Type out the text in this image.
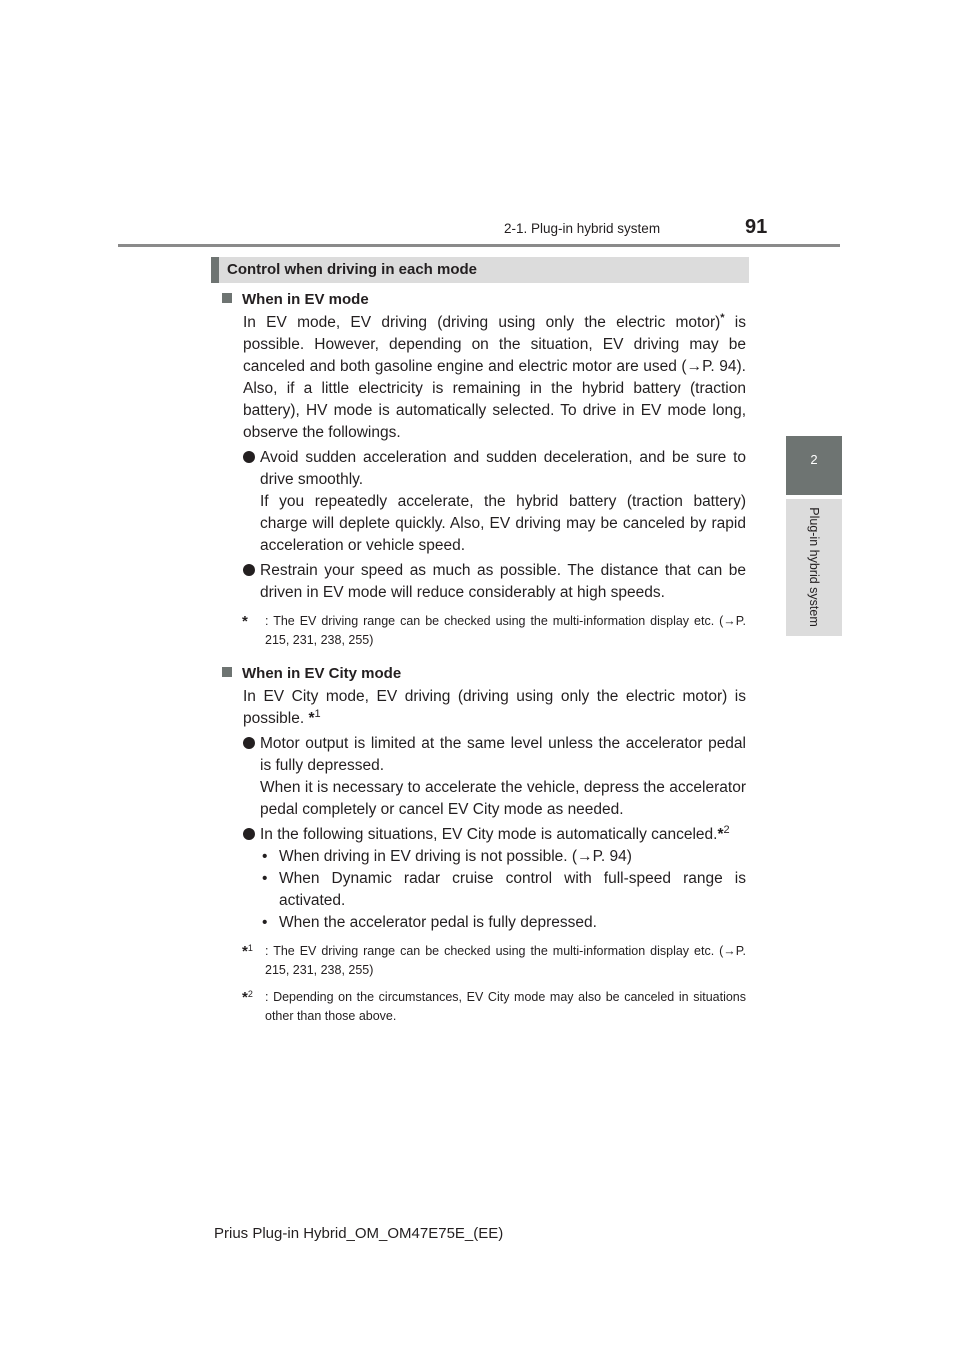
2-1. Plug-in hybrid system	91
2
Plug-in hybrid system
Control when driving in each mode

When in EV mode

In EV mode, EV driving (driving using only the electric motor)* is possible. However, depending on the situation, EV driving may be canceled and both gasoline engine and electric motor are used (→P. 94). Also, if a little electricity is remaining in the hybrid battery (traction battery), HV mode is automatically selected. To drive in EV mode long, observe the followings.

Avoid sudden acceleration and sudden deceleration, and be sure to drive smoothly.
If you repeatedly accelerate, the hybrid battery (traction battery) charge will deplete quickly. Also, EV driving may be canceled by rapid acceleration or vehicle speed.
Restrain your speed as much as possible. The distance that can be driven in EV mode will reduce considerably at high speeds.
* : The EV driving range can be checked using the multi-information display etc. (→P. 215, 231, 238, 255)

When in EV City mode

In EV City mode, EV driving (driving using only the electric motor) is possible. *$^1$

Motor output is limited at the same level unless the accelerator pedal is fully depressed.
When it is necessary to accelerate the vehicle, depress the accelerator pedal completely or cancel EV City mode as needed.
In the following situations, EV City mode is automatically canceled.*$^2$
• When driving in EV driving is not possible. (→P. 94)
• When Dynamic radar cruise control with full-speed range is activated.
• When the accelerator pedal is fully depressed.
*$^1$ : The EV driving range can be checked using the multi-information display etc. (→P. 215, 231, 238, 255)
*$^2$ : Depending on the circumstances, EV City mode may also be canceled in situations other than those above.
Prius Plug-in Hybrid_OM_OM47E75E_(EE)
